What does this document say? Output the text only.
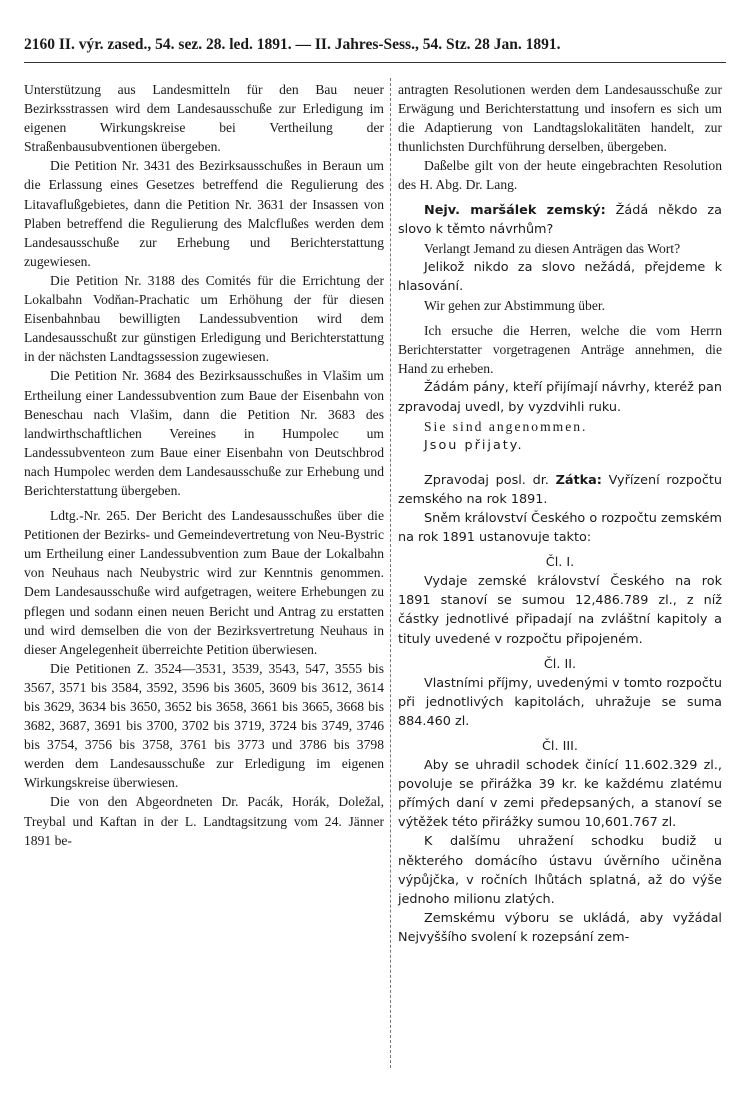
2160 II. výr. zased., 54. sez. 28. led. 1891. — II. Jahres-Sess., 54. Stz. 28 Jan. 1891.

Unterstützung aus Landesmitteln für den Bau neuer Bezirksstrassen wird dem Landesausschuße zur Erledigung im eigenen Wirkungskreise bei Vertheilung der Straßenbausubventionen übergeben.

Die Petition Nr. 3431 des Bezirksausschußes in Beraun um die Erlassung eines Gesetzes betreffend die Regulierung des Litavaflußgebietes, dann die Petition Nr. 3631 der Insassen von Plaben betreffend die Regulierung des Malcflußes werden dem Landesausschuße zur Erhebung und Berichterstattung zugewiesen.

Die Petition Nr. 3188 des Comités für die Errichtung der Lokalbahn Vodňan-Prachatic um Erhöhung der für diesen Eisenbahnbau bewilligten Landessubvention wird dem Landesausschußt zur günstigen Erledigung und Berichterstattung in der nächsten Landtagssession zugewiesen.

Die Petition Nr. 3684 des Bezirksausschußes in Vlašim um Ertheilung einer Landessubvention zum Baue der Eisenbahn von Beneschau nach Vlašim, dann die Petition Nr. 3683 des landwirthschaftlichen Vereines in Humpolec um Landessubventeon zum Baue einer Eisenbahn von Deutschbrod nach Humpolec werden dem Landesausschuße zur Erhebung und Berichterstattung übergeben.

Ldtg.-Nr. 265. Der Bericht des Landesausschußes über die Petitionen der Bezirks- und Gemeindevertretung von Neu-Bystric um Ertheilung einer Landessubvention zum Baue der Lokalbahn von Neuhaus nach Neubystric wird zur Kenntnis genommen. Dem Landesausschuße wird aufgetragen, weitere Erhebungen zu pflegen und sodann einen neuen Bericht und Antrag zu erstatten und wird demselben die von der Bezirksvertretung Neuhaus in dieser Angelegenheit überreichte Petition überwiesen.

Die Petitionen Z. 3524—3531, 3539, 3543, 547, 3555 bis 3567, 3571 bis 3584, 3592, 3596 bis 3605, 3609 bis 3612, 3614 bis 3629, 3634 bis 3650, 3652 bis 3658, 3661 bis 3665, 3668 bis 3682, 3687, 3691 bis 3700, 3702 bis 3719, 3724 bis 3749, 3746 bis 3754, 3756 bis 3758, 3761 bis 3773 und 3786 bis 3798 werden dem Landesausschuße zur Erledigung im eigenen Wirkungskreise überwiesen.

Die von den Abgeordneten Dr. Pacák, Horák, Doležal, Treybal und Kaftan in der L. Landtagsitzung vom 24. Jänner 1891 be-

antragten Resolutionen werden dem Landesausschuße zur Erwägung und Berichterstattung und insofern es sich um die Adaptierung von Landtagslokalitäten handelt, zur thunlichsten Durchführung derselben, übergeben.

Daßelbe gilt von der heute eingebrachten Resolution des H. Abg. Dr. Lang.

Nejv. maršálek zemský: Žádá někdo za slovo k těmto návrhům?

Verlangt Jemand zu diesen Anträgen das Wort?

Jelikož nikdo za slovo nežádá, přejdeme k hlasování.

Wir gehen zur Abstimmung über.

Ich ersuche die Herren, welche die vom Herrn Berichterstatter vorgetragenen Anträge annehmen, die Hand zu erheben.

Žádám pány, kteří přijímají návrhy, kteréž pan zpravodaj uvedl, by vyzdvihli ruku.

Sie sind angenommen.

Jsou přijaty.

Zpravodaj posl. dr. Zátka: Vyřízení rozpočtu zemského na rok 1891.

Sněm království Českého o rozpočtu zemském na rok 1891 ustanovuje takto:

Čl. I.

Vydaje zemské království Českého na rok 1891 stanoví se sumou 12,486.789 zl., z níž částky jednotlivé připadají na zvláštní kapitoly a tituly uvedené v rozpočtu připojeném.

Čl. II.

Vlastními příjmy, uvedenými v tomto rozpočtu při jednotlivých kapitolách, uhražuje se suma 884.460 zl.

Čl. III.

Aby se uhradil schodek činící 11.602.329 zl., povoluje se přirážka 39 kr. ke každému zlatému přímých daní v zemi předepsaných, a stanoví se výtěžek této přirážky sumou 10,601.767 zl.

K dalšímu uhražení schodku budiž u některého domácího ústavu úvěrního učiněna výpůjčka, v ročních lhůtách splatná, až do výše jednoho milionu zlatých.

Zemskému výboru se ukládá, aby vyžádal Nejvyššího svolení k rozepsání zem-
